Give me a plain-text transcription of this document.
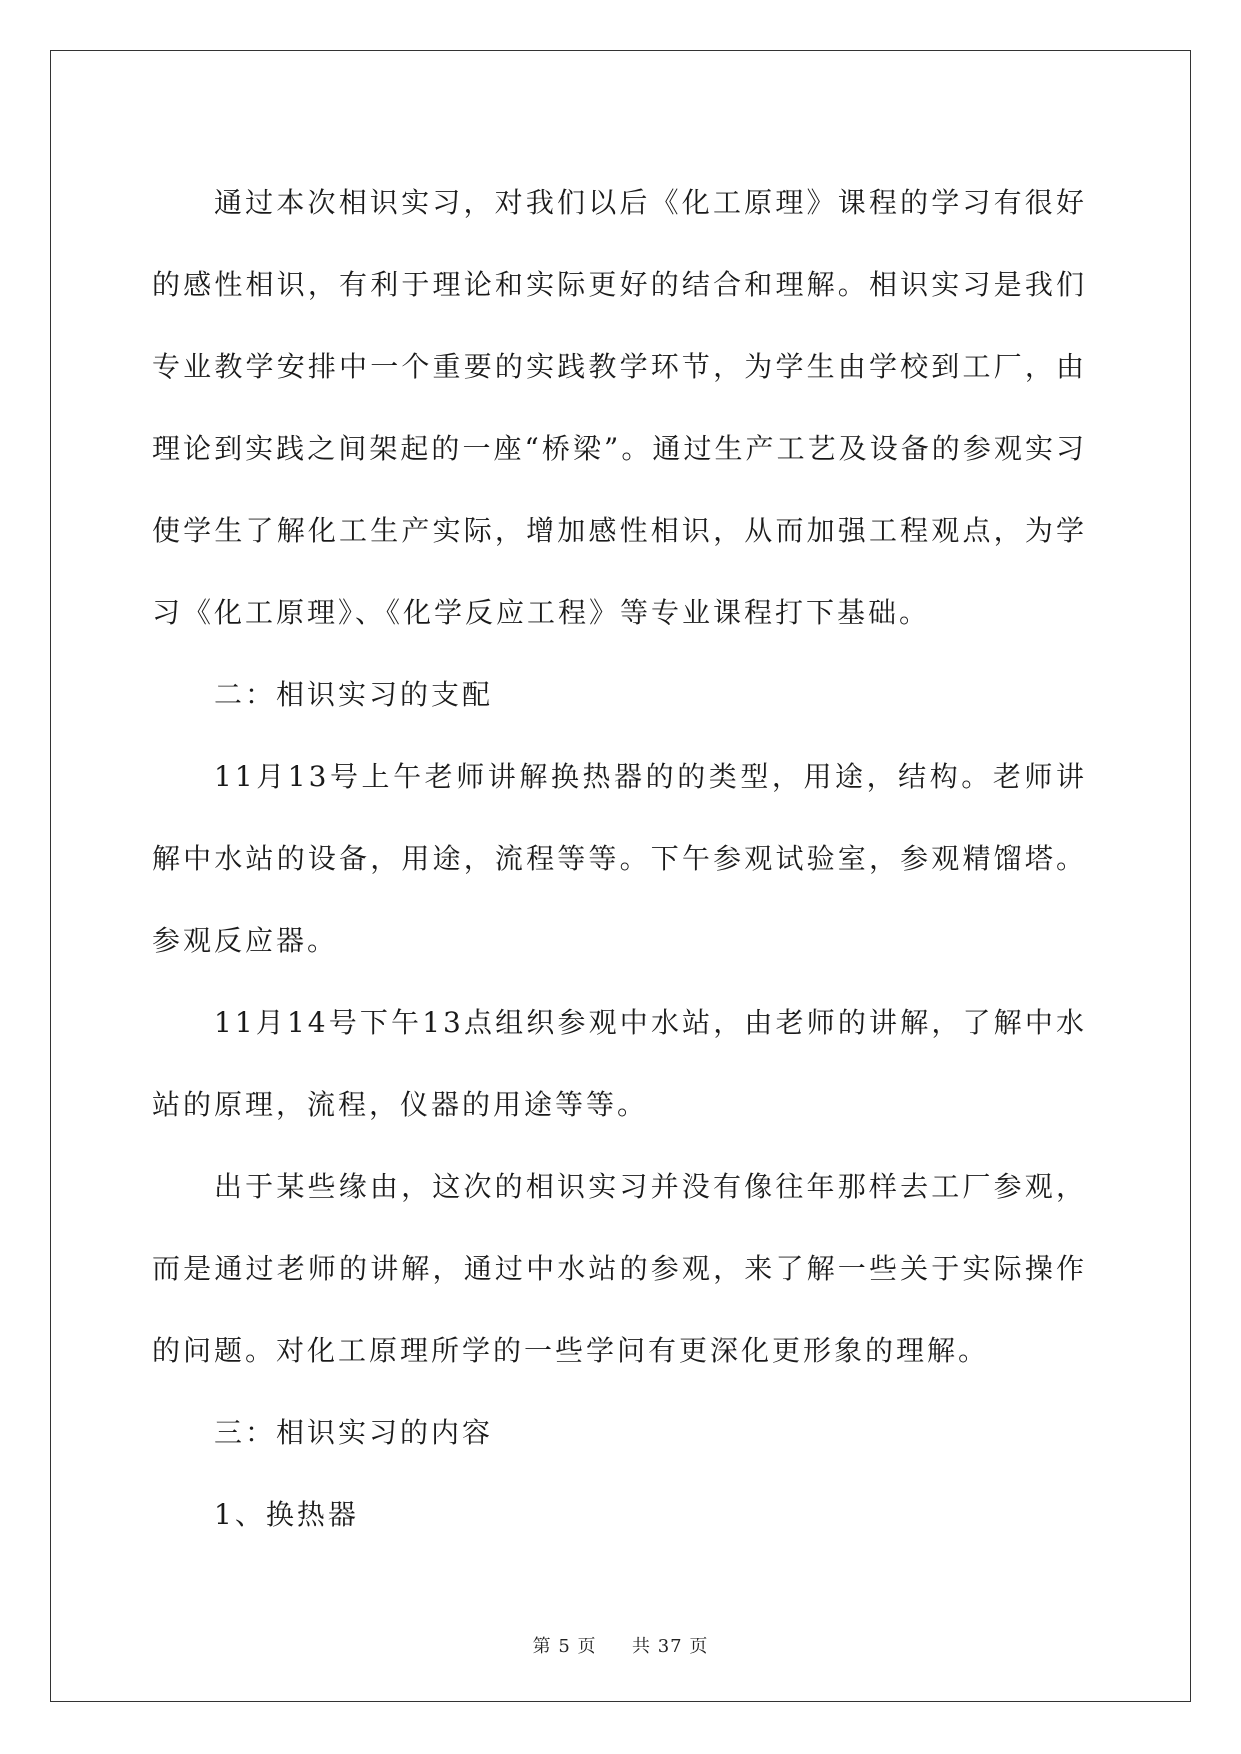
通过本次相识实习，对我们以后《化工原理》课程的学习有很好的感性相识，有利于理论和实际更好的结合和理解。相识实习是我们专业教学安排中一个重要的实践教学环节，为学生由学校到工厂，由理论到实践之间架起的一座“桥梁”。通过生产工艺及设备的参观实习使学生了解化工生产实际，增加感性相识，从而加强工程观点，为学习《化工原理》、《化学反应工程》等专业课程打下基础。

二：相识实习的支配

11月13号上午老师讲解换热器的的类型，用途，结构。老师讲解中水站的设备，用途，流程等等。下午参观试验室，参观精馏塔。参观反应器。

11月14号下午13点组织参观中水站，由老师的讲解，了解中水站的原理，流程，仪器的用途等等。

出于某些缘由，这次的相识实习并没有像往年那样去工厂参观，而是通过老师的讲解，通过中水站的参观，来了解一些关于实际操作的问题。对化工原理所学的一些学问有更深化更形象的理解。

三：相识实习的内容

1、换热器

第 5 页 共 37 页
